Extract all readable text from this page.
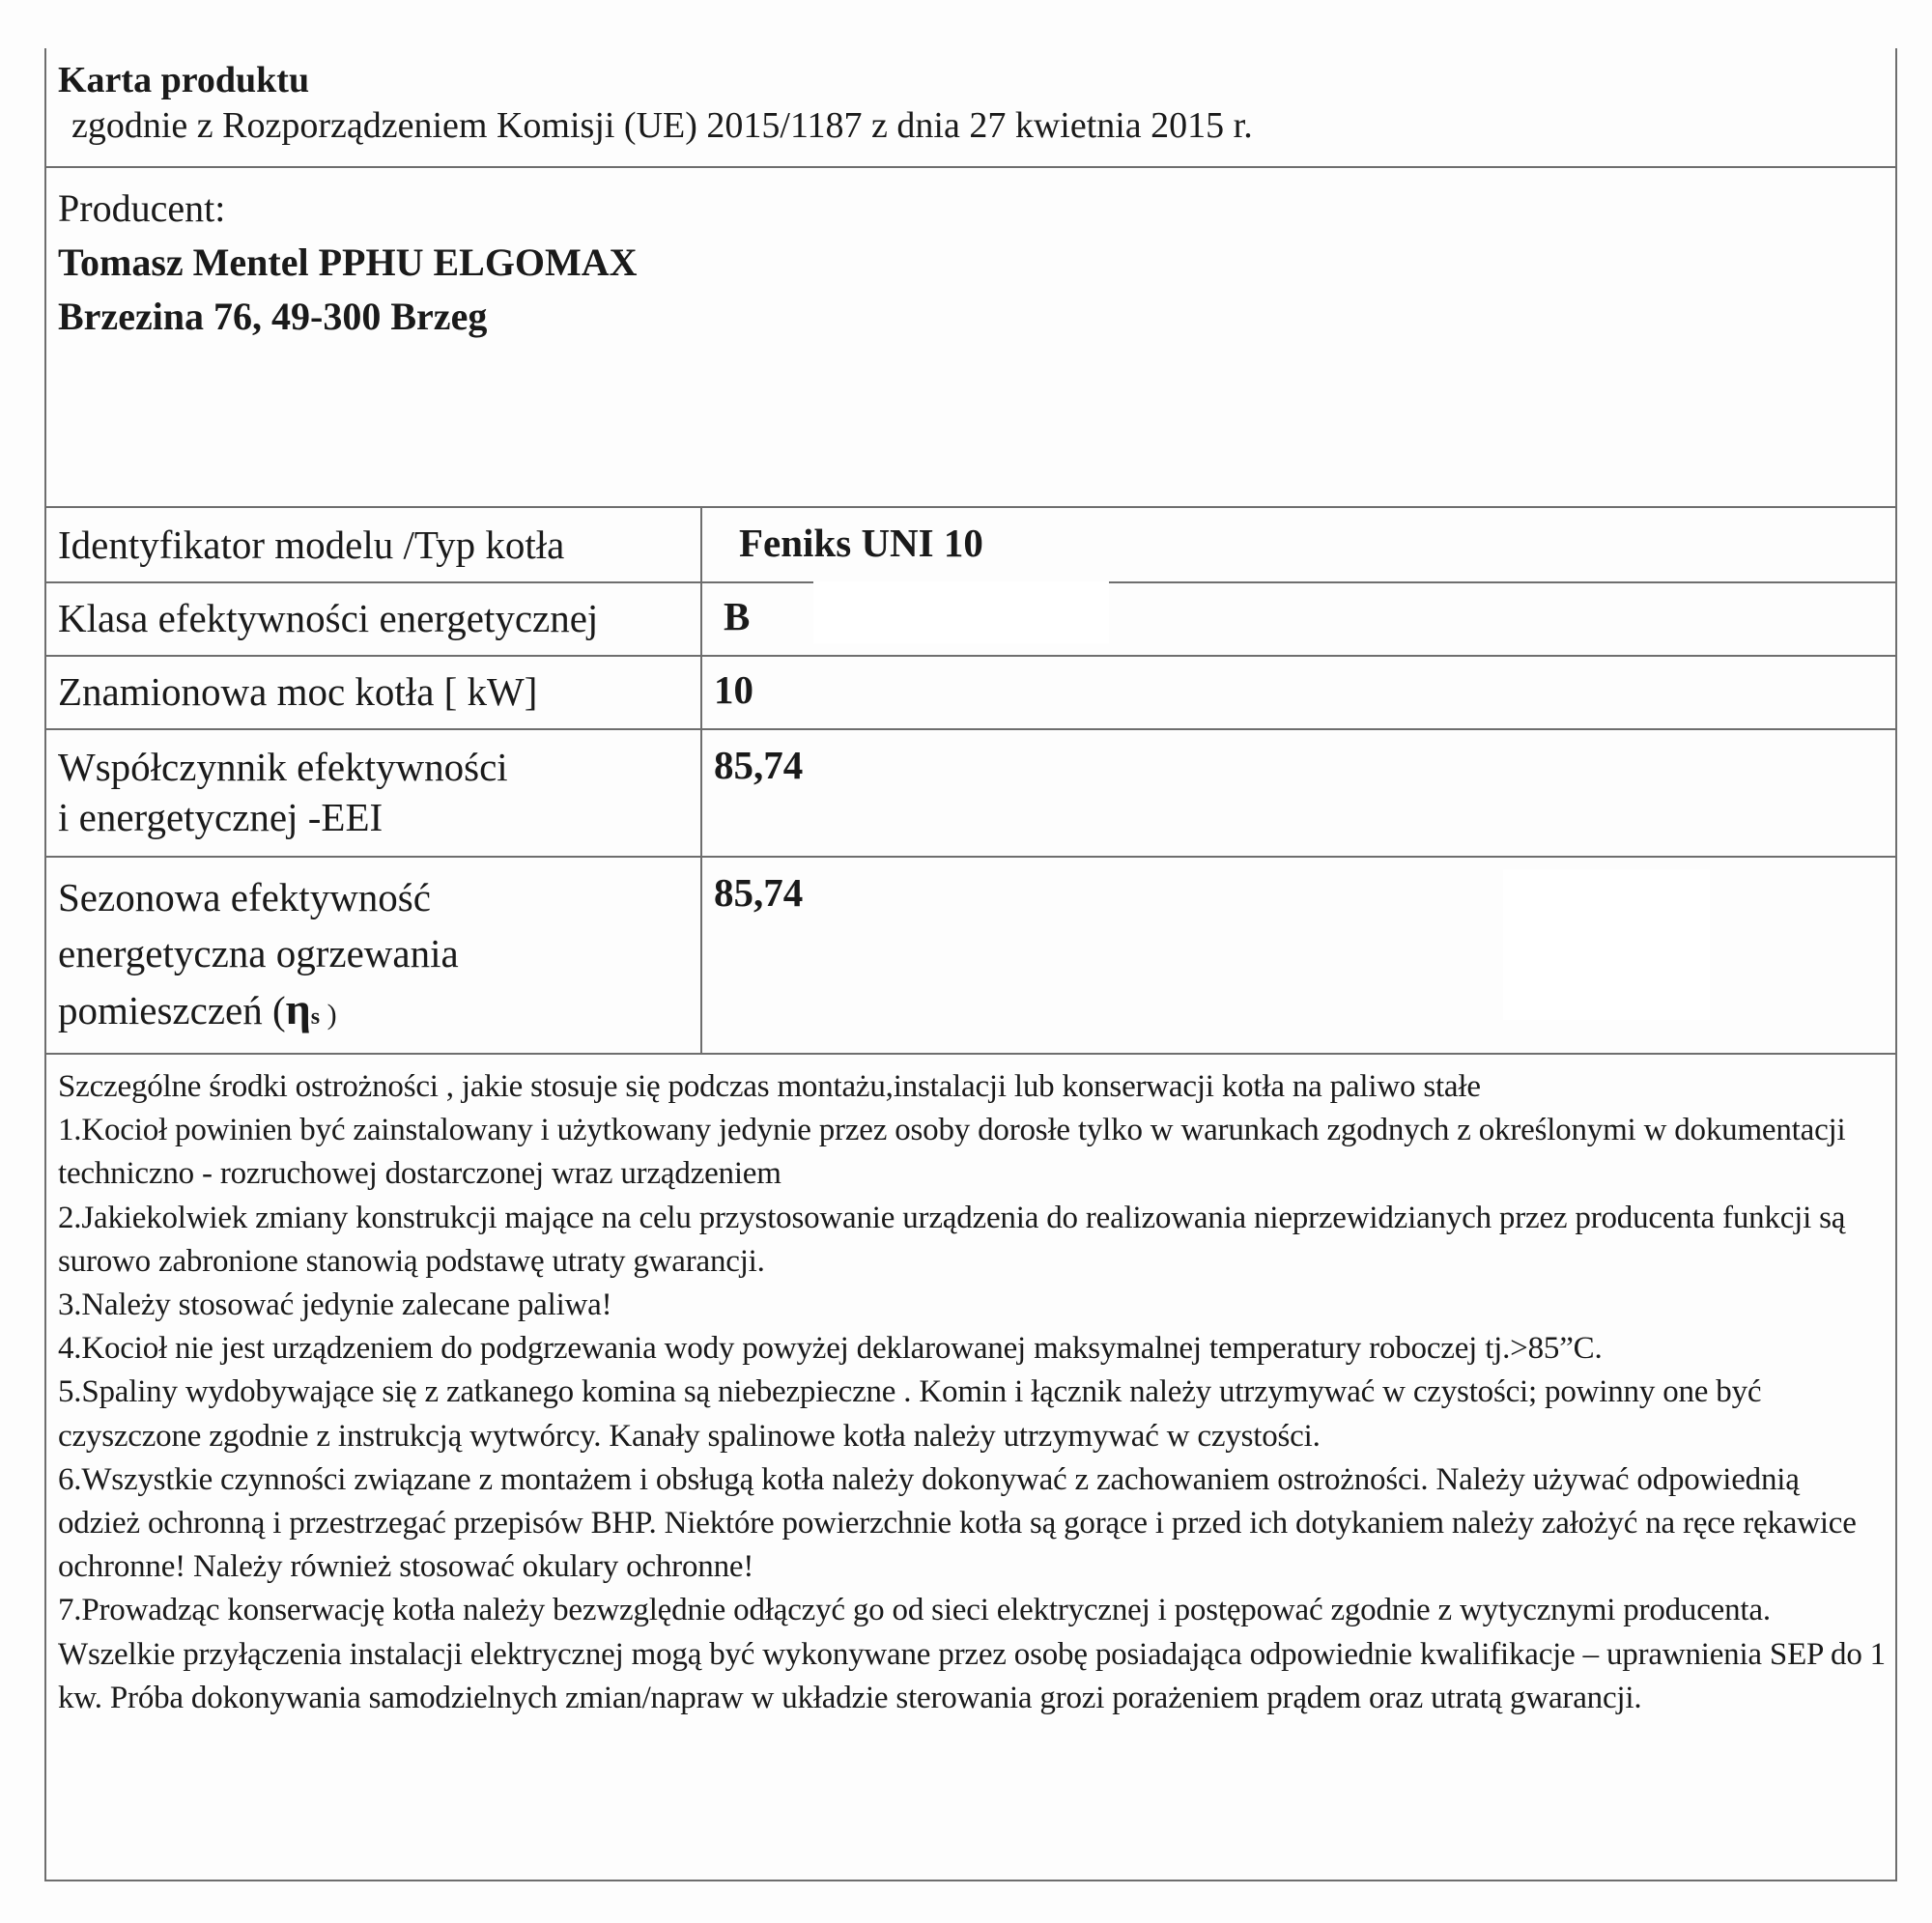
Karta produktu
zgodnie z Rozporządzeniem Komisji (UE) 2015/1187 z dnia 27 kwietnia 2015 r.
Producent:
Tomasz Mentel PPHU ELGOMAX
Brzezina 76, 49-300 Brzeg
Identyfikator modelu /Typ kotła	Feniks UNI 10
Klasa efektywności energetycznej	B
Znamionowa moc kotła [ kW]	10

Współczynnik efektywności
i energetycznej -EEI	85,74

Sezonowa efektywność
energetyczna ogrzewania
pomieszczeń (ηs )	85,74

Szczególne środki ostrożności , jakie stosuje się podczas montażu,instalacji lub konserwacji kotła na paliwo stałe

1.Kocioł powinien być zainstalowany i użytkowany jedynie przez osoby dorosłe tylko w warunkach zgodnych z określonymi w dokumentacji techniczno - rozruchowej dostarczonej wraz urządzeniem

2.Jakiekolwiek zmiany konstrukcji mające na celu przystosowanie urządzenia do realizowania nieprzewidzianych przez producenta funkcji są surowo zabronione stanowią podstawę utraty gwarancji.

3.Należy stosować jedynie zalecane paliwa!

4.Kocioł nie jest urządzeniem do podgrzewania wody powyżej deklarowanej maksymalnej temperatury roboczej tj.>85”C.

5.Spaliny wydobywające się z zatkanego komina są niebezpieczne . Komin i łącznik należy utrzymywać w czystości; powinny one być czyszczone zgodnie z instrukcją wytwórcy. Kanały spalinowe kotła należy utrzymywać w czystości.

6.Wszystkie czynności związane z montażem i obsługą kotła należy dokonywać z zachowaniem ostrożności. Należy używać odpowiednią odzież ochronną i przestrzegać przepisów BHP. Niektóre powierzchnie kotła są gorące i przed ich dotykaniem należy założyć na ręce rękawice ochronne! Należy również stosować okulary ochronne!

7.Prowadząc konserwację kotła należy bezwzględnie odłączyć go od sieci elektrycznej i postępować zgodnie z wytycznymi producenta. Wszelkie przyłączenia instalacji elektrycznej mogą być wykonywane przez osobę posiadająca odpowiednie kwalifikacje – uprawnienia SEP do 1 kw. Próba dokonywania samodzielnych zmian/napraw w układzie sterowania grozi porażeniem prądem oraz utratą gwarancji.
